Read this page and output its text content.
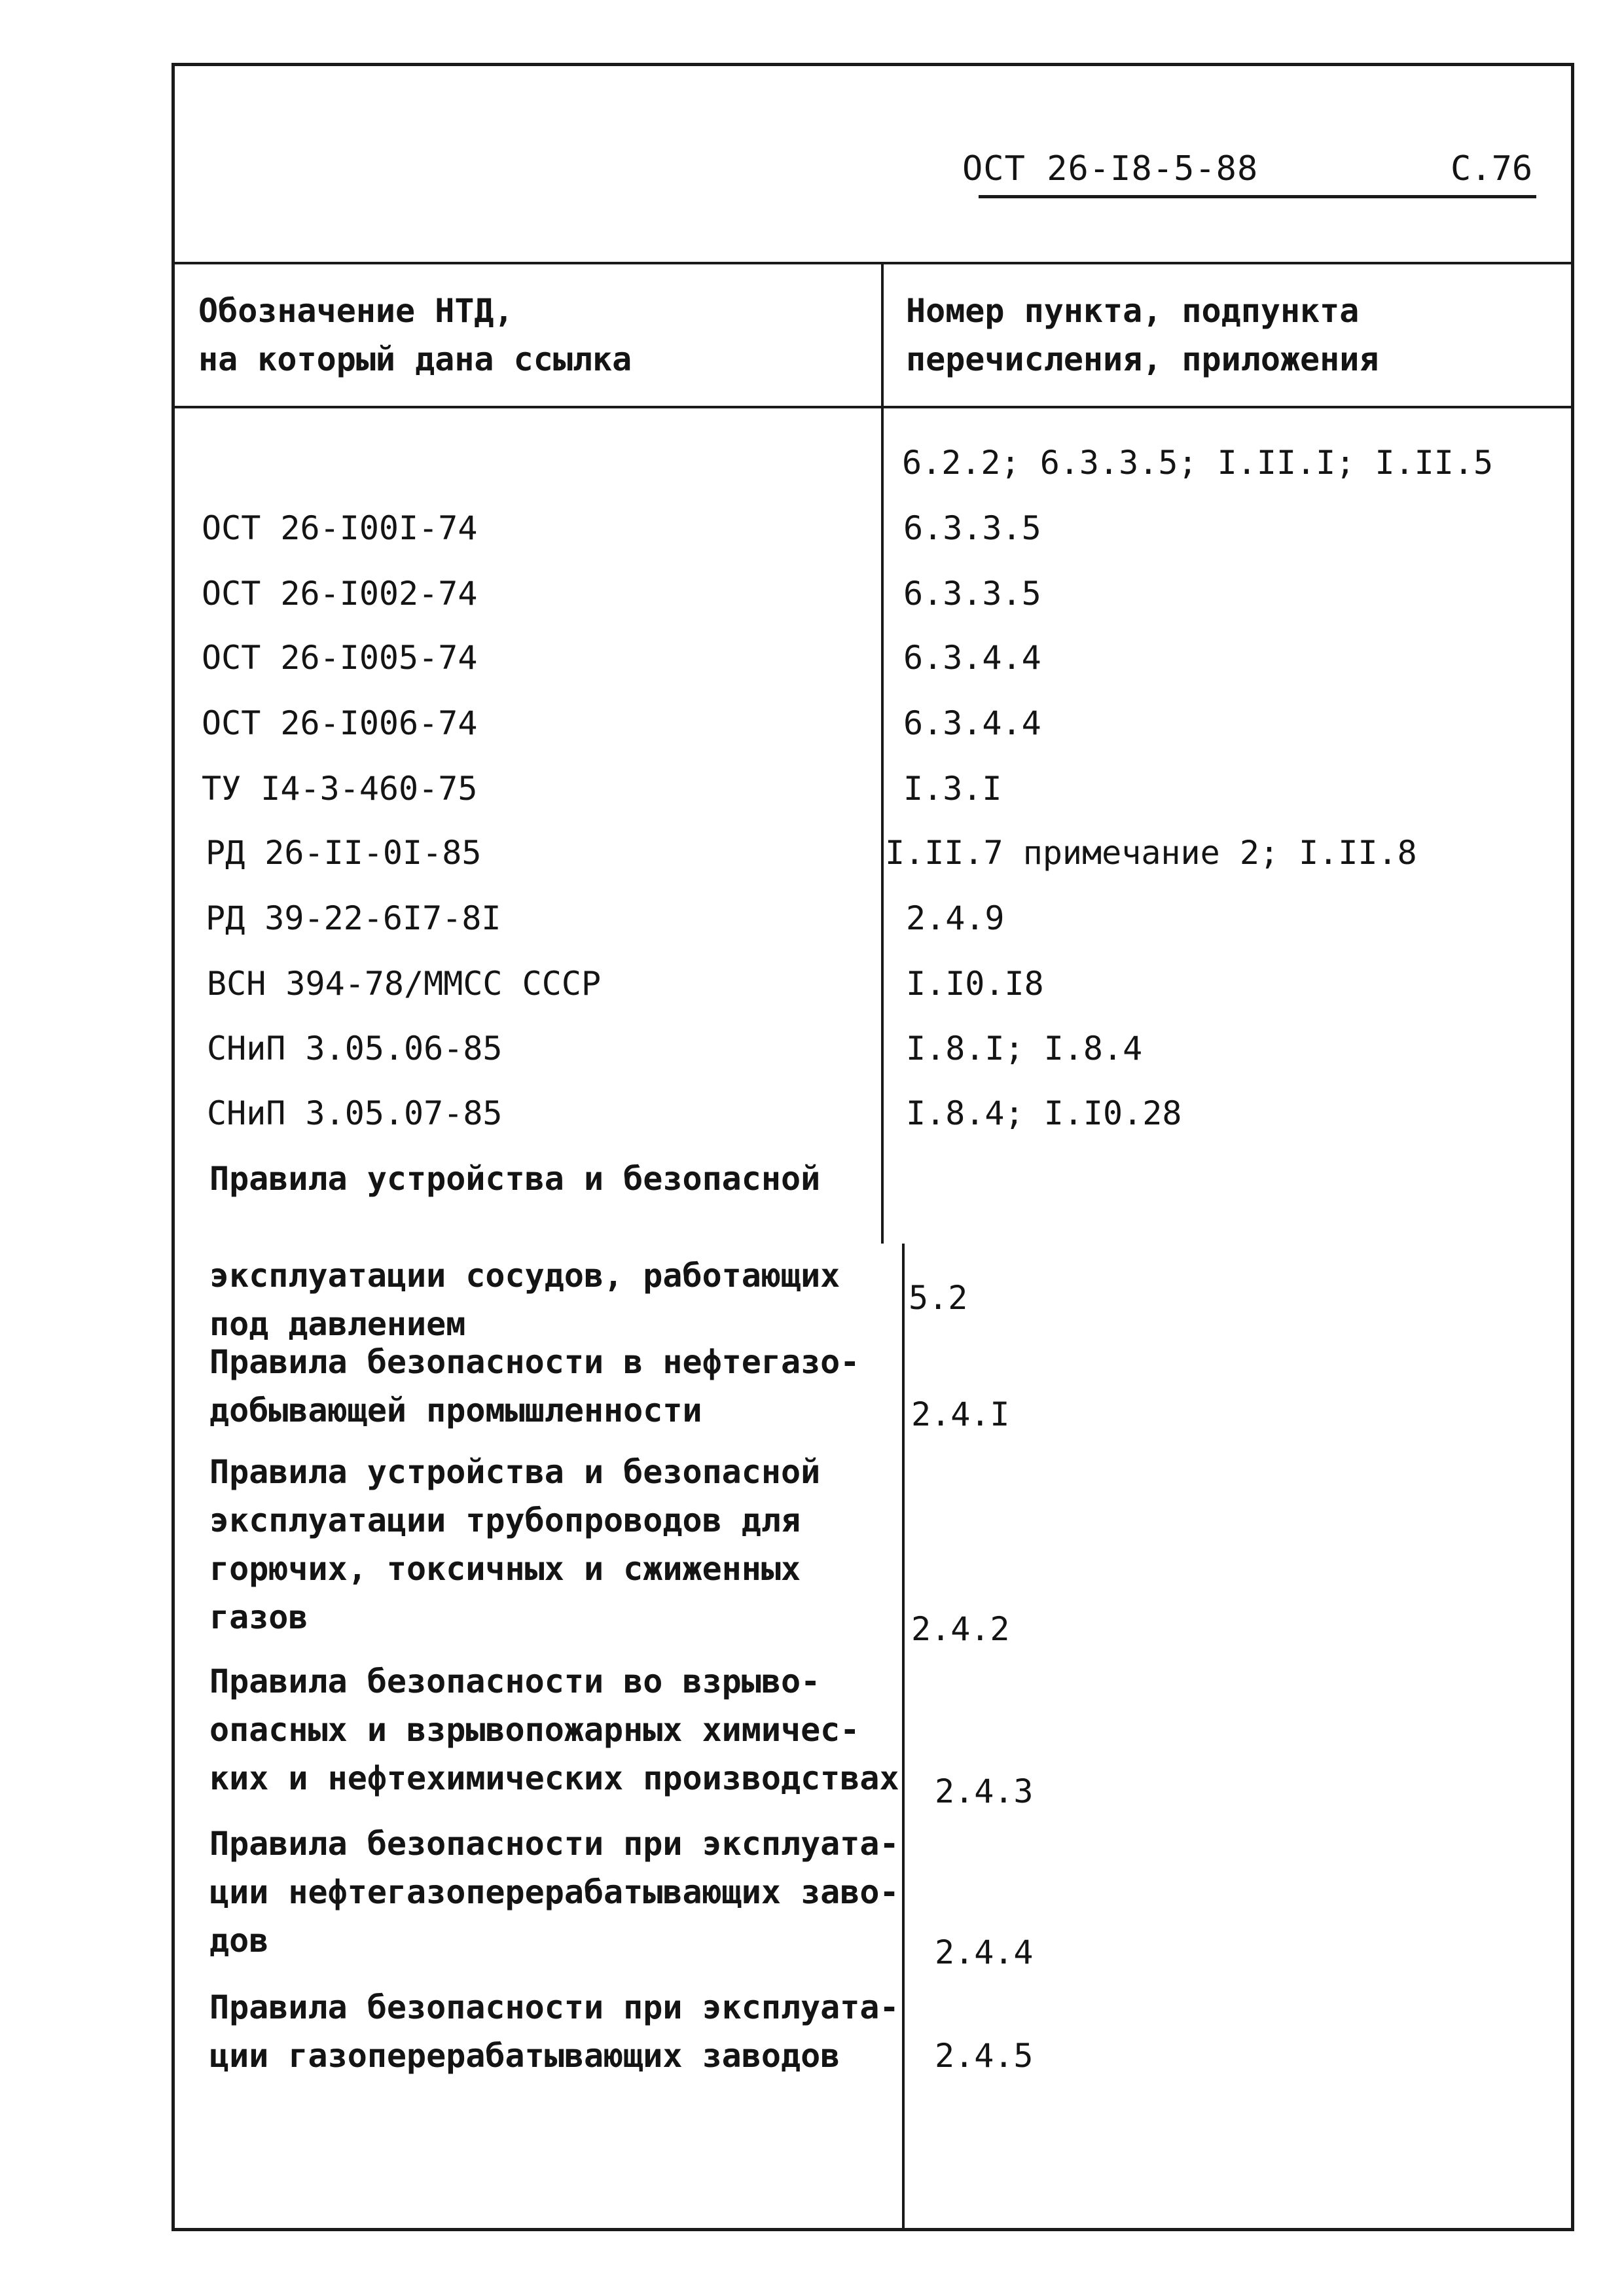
ОСТ 26-I8-5-88	С.76
Обозначение НТД,
на который дана ссылка
Номер пункта, подпункта
перечисления, приложения
ОСТ 26-I00I-74
ОСТ 26-I002-74
ОСТ 26-I005-74
ОСТ 26-I006-74
ТУ I4-3-460-75
РД 26-II-0I-85
РД 39-22-6I7-8I
ВСН 394-78/ММСС СССР
СНиП 3.05.06-85
СНиП 3.05.07-85
Правила устройства и безопасной

эксплуатации сосудов, работающих
под давлением
Правила безопасности в нефтегазо-
добывающей промышленности
Правила устройства и безопасной
эксплуатации трубопроводов для
горючих, токсичных и сжиженных
газов
Правила безопасности во взрыво-
опасных и взрывопожарных химичес-
ких и нефтехимических производствах
Правила безопасности при эксплуата-
ции нефтегазоперерабатывающих заво-
дов
Правила безопасности при эксплуата-
ции газоперерабатывающих заводов
6.2.2; 6.3.3.5; I.II.I; I.II.5
6.3.3.5
6.3.3.5
6.3.4.4
6.3.4.4
I.3.I
I.II.7 примечание 2; I.II.8
2.4.9
I.I0.I8
I.8.I; I.8.4
I.8.4; I.I0.28
5.2
2.4.I
2.4.2
2.4.3
2.4.4
2.4.5
